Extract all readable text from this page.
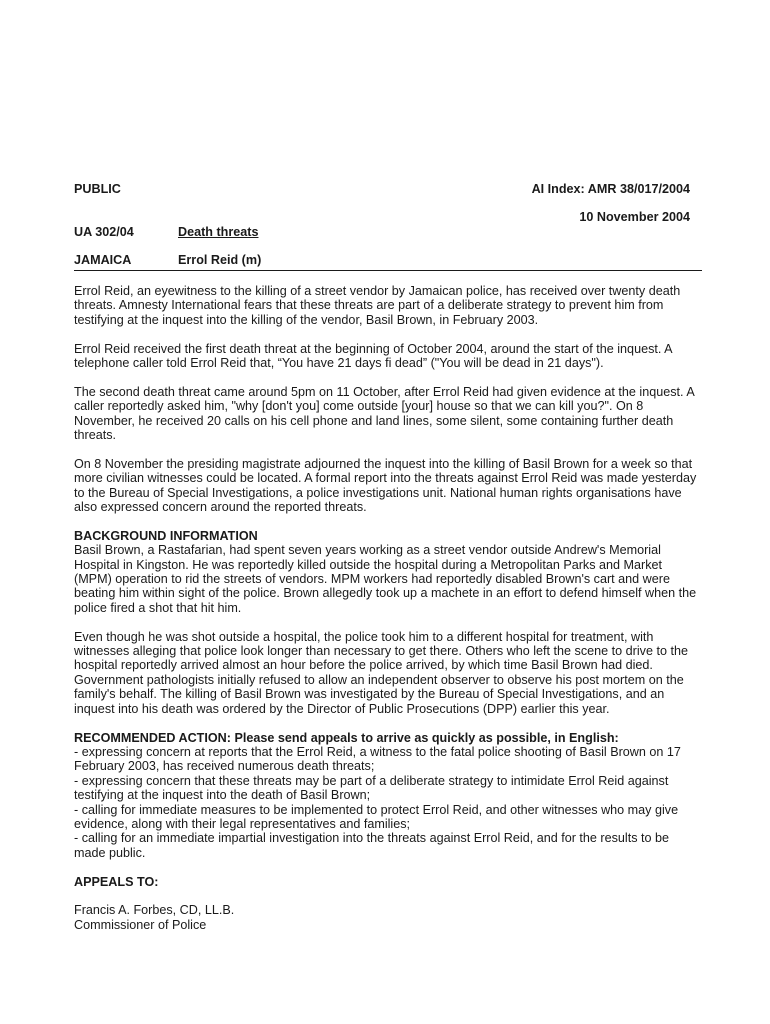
PUBLIC	AI Index: AMR 38/017/2004
10 November 2004
UA 302/04	Death threats
JAMAICA	Errol Reid (m)

Errol Reid, an eyewitness to the killing of a street vendor by Jamaican police, has received over twenty death threats. Amnesty International fears that these threats are part of a deliberate strategy to prevent him from testifying at the inquest into the killing of the vendor, Basil Brown, in February 2003.

Errol Reid received the first death threat at the beginning of October 2004, around the start of the inquest. A telephone caller told Errol Reid that, “You have 21 days fi dead” ("You will be dead in 21 days").

The second death threat came around 5pm on 11 October, after Errol Reid had given evidence at the inquest. A caller reportedly asked him, "why [don't you] come outside [your] house so that we can kill you?". On 8 November, he received 20 calls on his cell phone and land lines, some silent, some containing further death threats.

On 8 November the presiding magistrate adjourned the inquest into the killing of Basil Brown for a week so that more civilian witnesses could be located. A formal report into the threats against Errol Reid was made yesterday to the Bureau of Special Investigations, a police investigations unit. National human rights organisations have also expressed concern around the reported threats.

BACKGROUND INFORMATION
Basil Brown, a Rastafarian, had spent seven years working as a street vendor outside Andrew's Memorial Hospital in Kingston. He was reportedly killed outside the hospital during a Metropolitan Parks and Market (MPM) operation to rid the streets of vendors. MPM workers had reportedly disabled Brown's cart and were beating him within sight of the police. Brown allegedly took up a machete in an effort to defend himself when the police fired a shot that hit him.

Even though he was shot outside a hospital, the police took him to a different hospital for treatment, with witnesses alleging that police look longer than necessary to get there. Others who left the scene to drive to the hospital reportedly arrived almost an hour before the police arrived, by which time Basil Brown had died. Government pathologists initially refused to allow an independent observer to observe his post mortem on the family's behalf. The killing of Basil Brown was investigated by the Bureau of Special Investigations, and an inquest into his death was ordered by the Director of Public Prosecutions (DPP) earlier this year.

RECOMMENDED ACTION: Please send appeals to arrive as quickly as possible, in English:
- expressing concern at reports that the Errol Reid, a witness to the fatal police shooting of Basil Brown on 17 February 2003, has received numerous death threats;
- expressing concern that these threats may be part of a deliberate strategy to intimidate Errol Reid against testifying at the inquest into the death of Basil Brown;
- calling for immediate measures to be implemented to protect Errol Reid, and other witnesses who may give evidence, along with their legal representatives and families;
- calling for an immediate impartial investigation into the threats against Errol Reid, and for the results to be made public.

APPEALS TO:

Francis A. Forbes, CD, LL.B.
Commissioner of Police
